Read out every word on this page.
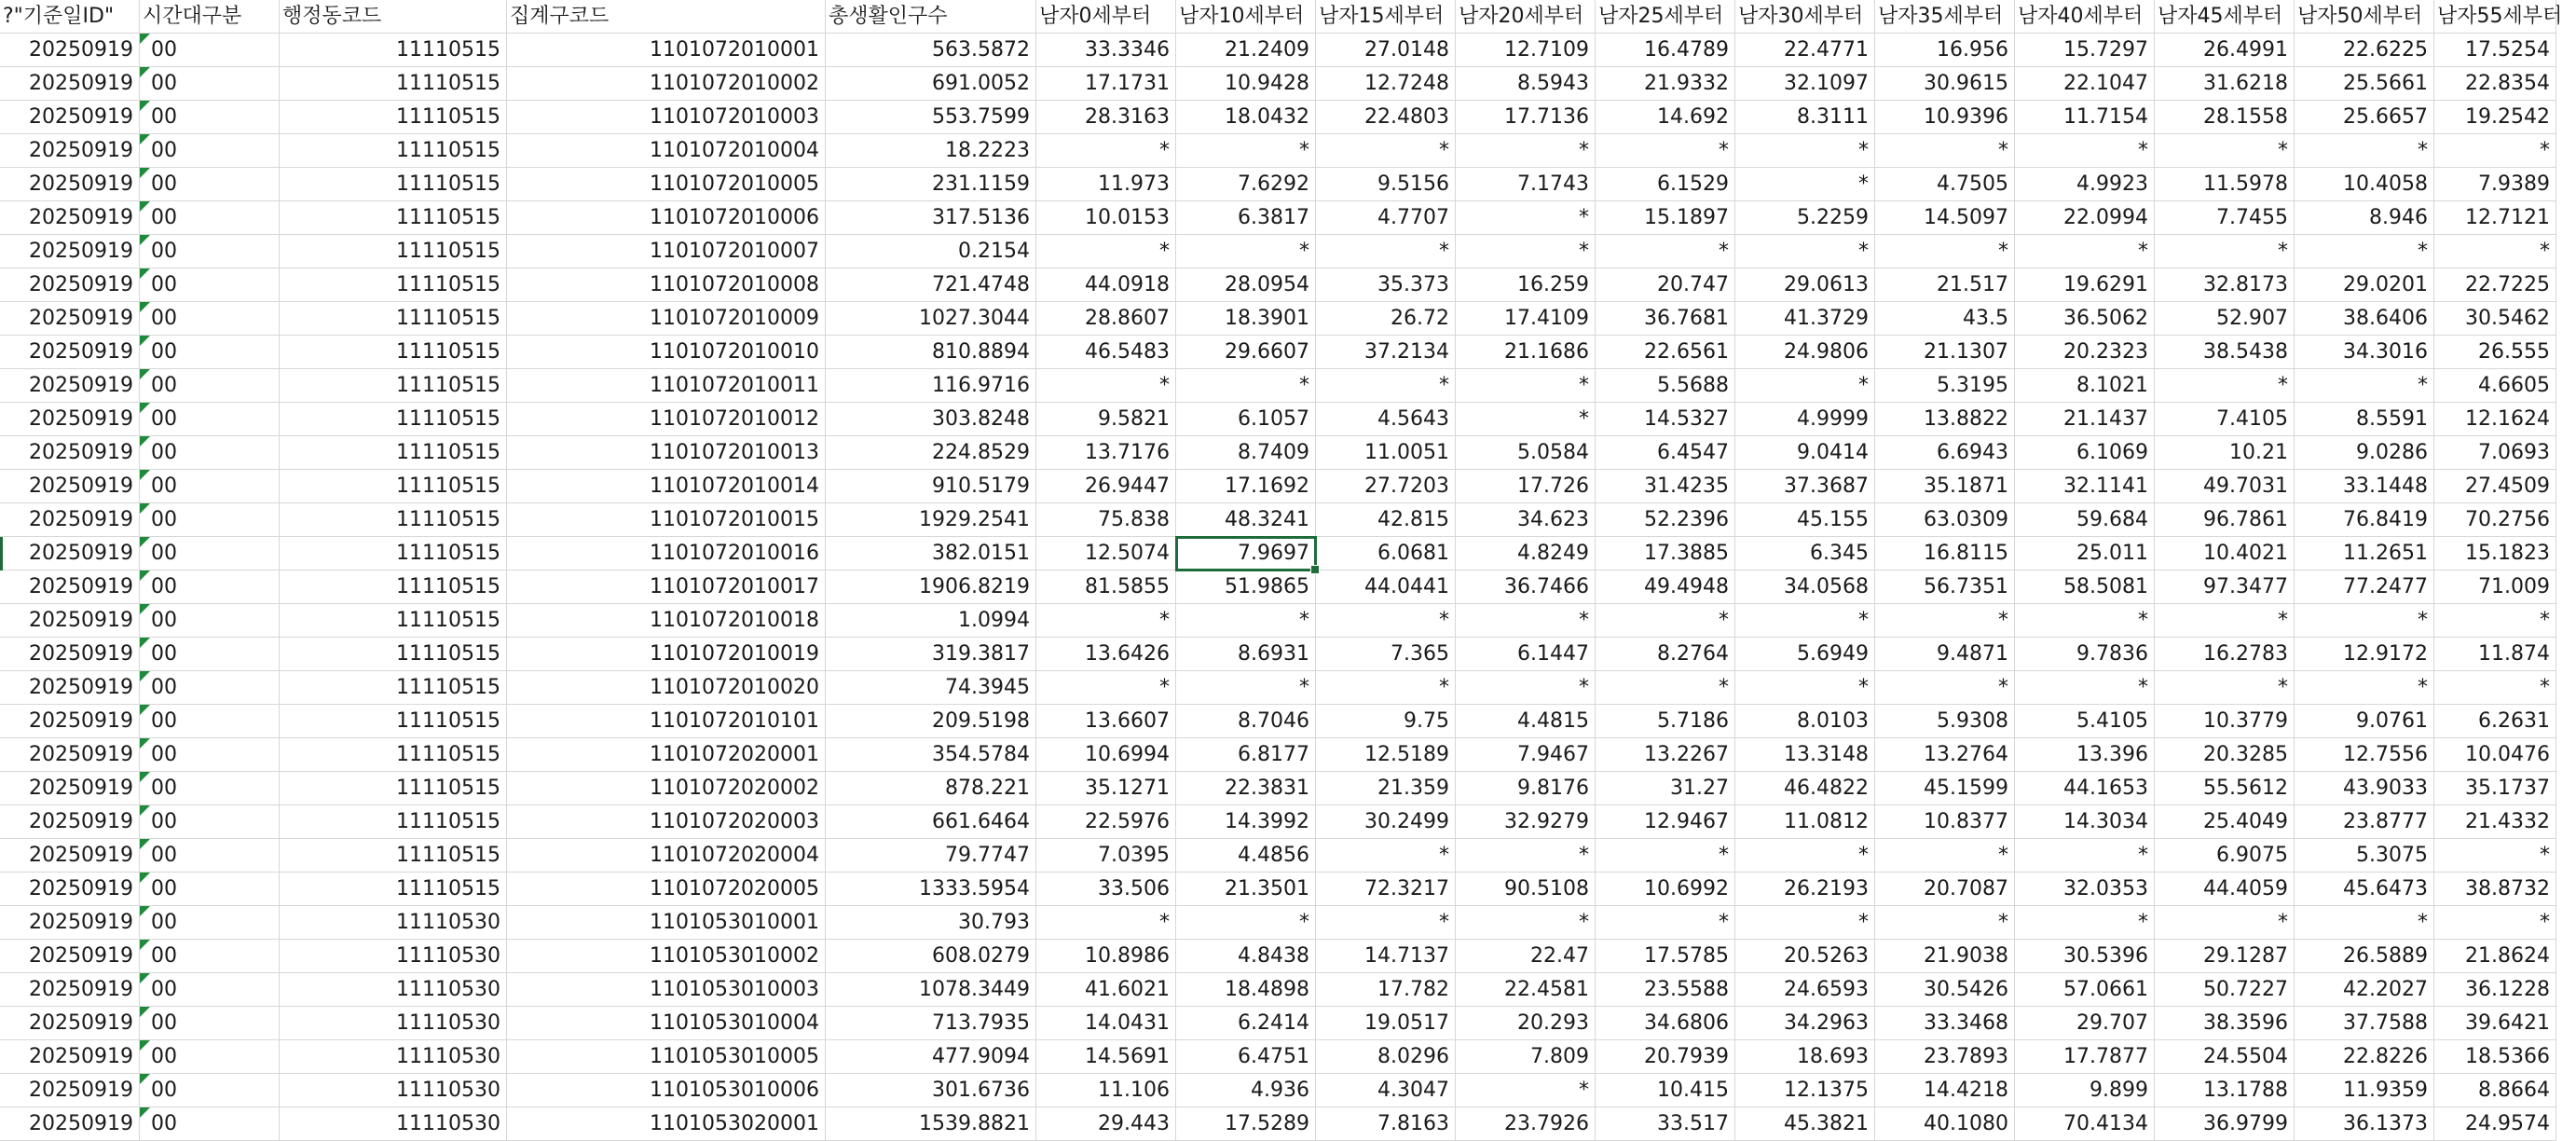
?"기준일ID"	시간대구분	행정동코드	집계구코드	총생활인구수	남자0세부터	남자10세부터 남자15세부터 남자20세부터 남자25세부터 남자30세부터 남자35세부터 남자40세부터 남자45세부터 남자50세부터 남자55세부터
20250919 00	11110515	1101072010001	563.5872	33.3346	21.2409	27.0148	12.7109	16.4789	22.4771	16.956	15.7297	26.4991	22.6225	17.5254
20250919 00	11110515	1101072010002	691.0052	17.1731	10.9428	12.7248	8.5943	21.9332	32.1097	30.9615	22.1047	31.6218	25.5661	22.8354
20250919 00	11110515	1101072010003	553.7599	28.3163	18.0432	22.4803	17.7136	14.692	8.3111	10.9396	11.7154	28.1558	25.6657	19.2542
20250919 00	11110515	1101072010004	18.2223	*	*	*	*	*	*	*	*	*	*	*
20250919 00	11110515	1101072010005	231.1159	11.973	7.6292	9.5156	7.1743	6.1529	*	4.7505	4.9923	11.5978	10.4058	7.9389
20250919 00	11110515	1101072010006	317.5136	10.0153	6.3817	4.7707	*	15.1897	5.2259	14.5097	22.0994	7.7455	8.946	12.7121
20250919 00	11110515	1101072010007	0.2154	*	*	*	*	*	*	*	*	*	*	*
20250919 00	11110515	1101072010008	721.4748	44.0918	28.0954	35.373	16.259	20.747	29.0613	21.517	19.6291	32.8173	29.0201	22.7225
20250919 00	11110515	1101072010009	1027.3044	28.8607	18.3901	26.72	17.4109	36.7681	41.3729	43.5	36.5062	52.907	38.6406	30.5462
20250919 00	11110515	1101072010010	810.8894	46.5483	29.6607	37.2134	21.1686	22.6561	24.9806	21.1307	20.2323	38.5438	34.3016	26.555
20250919 00	11110515	1101072010011	116.9716	*	*	*	*	5.5688	*	5.3195	8.1021	*	*	4.6605
20250919 00	11110515	1101072010012	303.8248	9.5821	6.1057	4.5643	*	14.5327	4.9999	13.8822	21.1437	7.4105	8.5591	12.1624
20250919 00	11110515	1101072010013	224.8529	13.7176	8.7409	11.0051	5.0584	6.4547	9.0414	6.6943	6.1069	10.21	9.0286	7.0693
20250919 00	11110515	1101072010014	910.5179	26.9447	17.1692	27.7203	17.726	31.4235	37.3687	35.1871	32.1141	49.7031	33.1448	27.4509
20250919 00	11110515	1101072010015	1929.2541	75.838	48.3241	42.815	34.623	52.2396	45.155	63.0309	59.684	96.7861	76.8419	70.2756
20250919 00	11110515	1101072010016	382.0151	12.5074	7.9697	6.0681	4.8249	17.3885	6.345	16.8115	25.011	10.4021	11.2651	15.1823
20250919 00	11110515	1101072010017	1906.8219	81.5855	51.9865	44.0441	36.7466	49.4948	34.0568	56.7351	58.5081	97.3477	77.2477	71.009
20250919 00	11110515	1101072010018	1.0994	*	*	*	*	*	*	*	*	*	*	*
20250919 00	11110515	1101072010019	319.3817	13.6426	8.6931	7.365	6.1447	8.2764	5.6949	9.4871	9.7836	16.2783	12.9172	11.874
20250919 00	11110515	1101072010020	74.3945	*	*	*	*	*	*	*	*	*	*	*
20250919 00	11110515	1101072010101	209.5198	13.6607	8.7046	9.75	4.4815	5.7186	8.0103	5.9308	5.4105	10.3779	9.0761	6.2631
20250919 00	11110515	1101072020001	354.5784	10.6994	6.8177	12.5189	7.9467	13.2267	13.3148	13.2764	13.396	20.3285	12.7556	10.0476
20250919 00	11110515	1101072020002	878.221	35.1271	22.3831	21.359	9.8176	31.27	46.4822	45.1599	44.1653	55.5612	43.9033	35.1737
20250919 00	11110515	1101072020003	661.6464	22.5976	14.3992	30.2499	32.9279	12.9467	11.0812	10.8377	14.3034	25.4049	23.8777	21.4332
20250919 00	11110515	1101072020004	79.7747	7.0395	4.4856	*	*	*	*	*	*	6.9075	5.3075	*
20250919 00	11110515	1101072020005	1333.5954	33.506	21.3501	72.3217	90.5108	10.6992	26.2193	20.7087	32.0353	44.4059	45.6473	38.8732
20250919 00	11110530	1101053010001	30.793	*	*	*	*	*	*	*	*	*	*	*
20250919 00	11110530	1101053010002	608.0279	10.8986	4.8438	14.7137	22.47	17.5785	20.5263	21.9038	30.5396	29.1287	26.5889	21.8624
20250919 00	11110530	1101053010003	1078.3449	41.6021	18.4898	17.782	22.4581	23.5588	24.6593	30.5426	57.0661	50.7227	42.2027	36.1228
20250919 00	11110530	1101053010004	713.7935	14.0431	6.2414	19.0517	20.293	34.6806	34.2963	33.3468	29.707	38.3596	37.7588	39.6421
20250919 00	11110530	1101053010005	477.9094	14.5691	6.4751	8.0296	7.809	20.7939	18.693	23.7893	17.7877	24.5504	22.8226	18.5366
20250919 00	11110530	1101053010006	301.6736	11.106	4.936	4.3047	*	10.415	12.1375	14.4218	9.899	13.1788	11.9359	8.8664
20250919 00	11110530	1101053020001	1539.8821	29.443	17.5289	7.8163	23.7926	33.517	45.3821	40.1080	70.4134	36.9799	36.1373	24.9574
